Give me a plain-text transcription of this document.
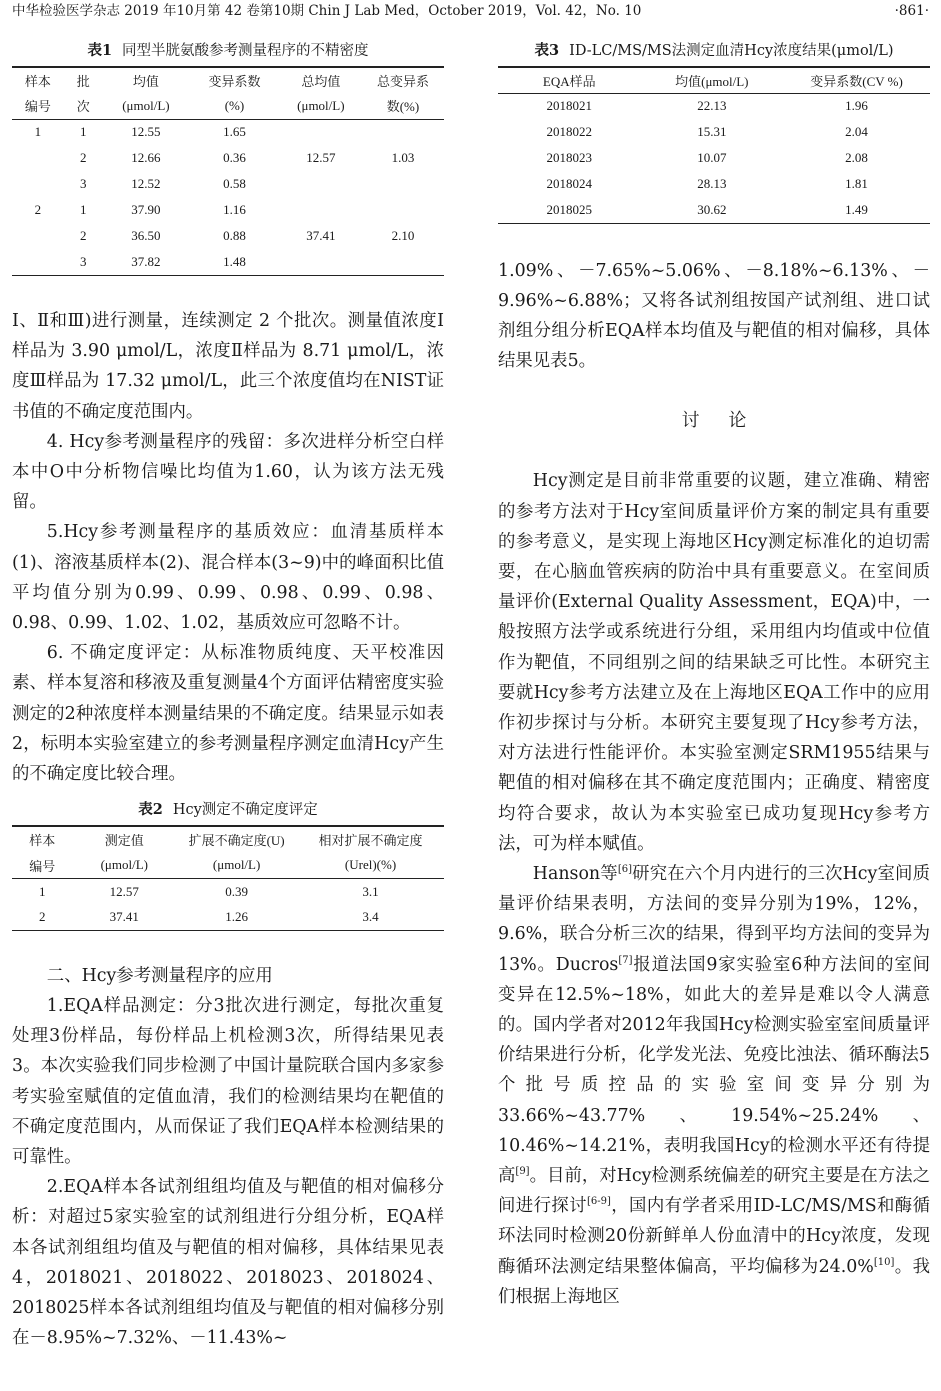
中华检验医学杂志 2019 年10月第 42 卷第10期 Chin J Lab Med，October 2019，Vol. 42，No. 10	·861·
表1 同型半胱氨酸参考测量程序的不精密度
样本	批	均值	变异系数	总均值	总变异系
编号	次	(μmol/L)	(%)	(μmol/L)	数(%)
1	1	12.55	1.65		
	2	12.66	0.36	12.57	1.03
	3	12.52	0.58		
2	1	37.90	1.16		
	2	36.50	0.88	37.41	2.10
	3	37.82	1.48		

Ⅰ、Ⅱ和Ⅲ)进行测量，连续测定 2 个批次。测量值浓度Ⅰ样品为 3.90 μmol/L，浓度Ⅱ样品为 8.71 μmol/L，浓度Ⅲ样品为 17.32 μmol/L，此三个浓度值均在NIST证书值的不确定度范围内。

4. Hcy参考测量程序的残留：多次进样分析空白样本中O中分析物信噪比均值为1.60，认为该方法无残留。

5.Hcy参考测量程序的基质效应：血清基质样本(1)、溶液基质样本(2)、混合样本(3~9)中的峰面积比值平均值分别为0.99、0.99、0.98、0.99、0.98、0.98、0.99、1.02、1.02，基质效应可忽略不计。

6. 不确定度评定：从标准物质纯度、天平校准因素、样本复溶和移液及重复测量4个方面评估精密度实验测定的2种浓度样本测量结果的不确定度。结果显示如表2，标明本实验室建立的参考测量程序测定血清Hcy产生的不确定度比较合理。

表2 Hcy测定不确定度评定
样本	测定值	扩展不确定度(U)	相对扩展不确定度
编号	(μmol/L)	(μmol/L)	(Urel)(%)
1	12.57	0.39	3.1
2	37.41	1.26	3.4

二、Hcy参考测量程序的应用

1.EQA样品测定：分3批次进行测定，每批次重复处理3份样品，每份样品上机检测3次，所得结果见表3。本次实验我们同步检测了中国计量院联合国内多家参考实验室赋值的定值血清，我们的检测结果均在靶值的不确定度范围内，从而保证了我们EQA样本检测结果的可靠性。

2.EQA样本各试剂组组均值及与靶值的相对偏移分析：对超过5家实验室的试剂组进行分组分析，EQA样本各试剂组组均值及与靶值的相对偏移，具体结果见表4，2018021、2018022、2018023、2018024、2018025样本各试剂组组均值及与靶值的相对偏移分别在－8.95%~7.32%、－11.43%~

表3 ID-LC/MS/MS法测定血清Hcy浓度结果(μmol/L)
EQA样品	均值(μmol/L)	变异系数(CV %)
2018021	22.13	1.96
2018022	15.31	2.04
2018023	10.07	2.08
2018024	28.13	1.81
2018025	30.62	1.49

1.09%、－7.65%~5.06%、－8.18%~6.13%、－9.96%~6.88%；又将各试剂组按国产试剂组、进口试剂组分组分析EQA样本均值及与靶值的相对偏移，具体结果见表5。

讨论

Hcy测定是目前非常重要的议题，建立准确、精密的参考方法对于Hcy室间质量评价方案的制定具有重要的参考意义，是实现上海地区Hcy测定标准化的迫切需要，在心脑血管疾病的防治中具有重要意义。在室间质量评价(External Quality Assessment，EQA)中，一般按照方法学或系统进行分组，采用组内均值或中位值作为靶值，不同组别之间的结果缺乏可比性。本研究主要就Hcy参考方法建立及在上海地区EQA工作中的应用作初步探讨与分析。本研究主要复现了Hcy参考方法，对方法进行性能评价。本实验室测定SRM1955结果与靶值的相对偏移在其不确定度范围内；正确度、精密度均符合要求，故认为本实验室已成功复现Hcy参考方法，可为样本赋值。

Hanson等[6]研究在六个月内进行的三次Hcy室间质量评价结果表明，方法间的变异分别为19%，12%，9.6%，联合分析三次的结果，得到平均方法间的变异为13%。Ducros[7]报道法国9家实验室6种方法间的室间变异在12.5%~18%，如此大的差异是难以令人满意的。国内学者对2012年我国Hcy检测实验室室间质量评价结果进行分析，化学发光法、免疫比浊法、循环酶法5个批号质控品的实验室间变异分别为33.66%~43.77%、19.54%~25.24%、10.46%~14.21%，表明我国Hcy的检测水平还有待提高[9]。目前，对Hcy检测系统偏差的研究主要是在方法之间进行探讨[6-9]，国内有学者采用ID-LC/MS/MS和酶循环法同时检测20份新鲜单人份血清中的Hcy浓度，发现酶循环法测定结果整体偏高，平均偏移为24.0%[10]。我们根据上海地区
